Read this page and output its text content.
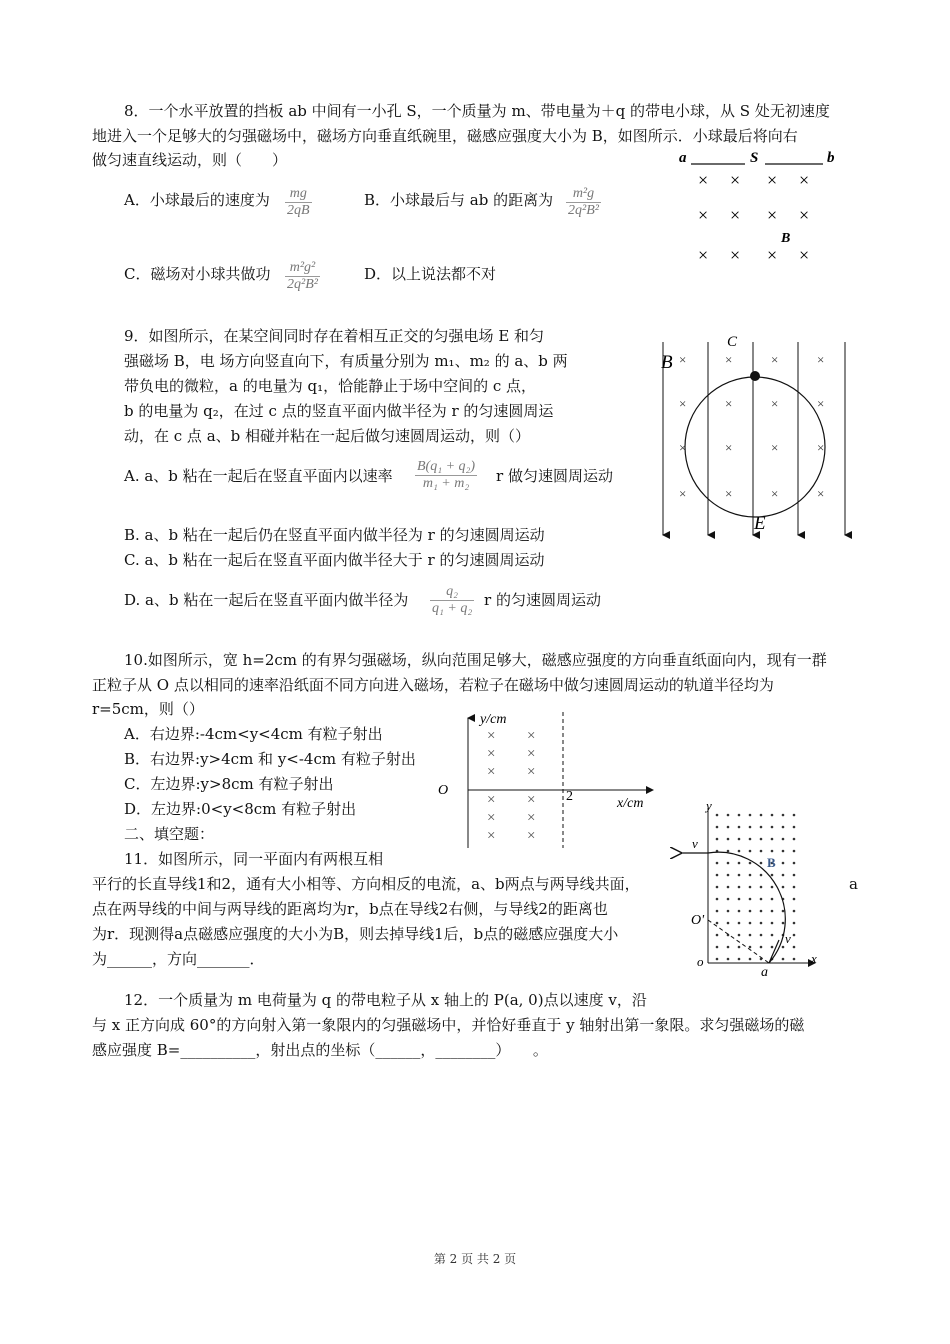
8．一个水平放置的挡板 ab 中间有一小孔 S，一个质量为 m、带电量为＋q 的带电小球，从 S 处无初速度
地进入一个足够大的匀强磁场中，磁场方向垂直纸碗里，磁感应强度大小为 B，如图所示．小球最后将向右
做匀速直线运动，则（　　）
A．小球最后的速度为 $\frac{mg}{2qB}$	B．小球最后与 ab 的距离为 $\frac{\text{m²g}}{\text{2q²B²}}$
C．磁场对小球共做功 $\frac{\text{m²g²}}{\text{2q²B²}}$	D．以上说法都不对
a	S	b
× × × ×
× × × ×
× × × ×
B
9．如图所示，在某空间同时存在着相互正交的匀强电场 E 和匀
强磁场 B，电 场方向竖直向下，有质量分别为 m₁、m₂ 的 a、b 两
带负电的微粒，a 的电量为 q₁，恰能静止于场中空间的 c 点，
b 的电量为 q₂，在过 c 点的竖直平面内做半径为 r 的匀速圆周运
动，在 c 点 a、b 相碰并粘在一起后做匀速圆周运动，则（）
A. a、b 粘在一起后在竖直平面内以速率 $\frac{\text{B(q₁ + q₂)}}{\text{m₁ + m₂}}$ r 做匀速圆周运动
B. a、b 粘在一起后仍在竖直平面内做半径为 r 的匀速圆周运动
C. a、b 粘在一起后在竖直平面内做半径大于 r 的匀速圆周运动
D. a、b 粘在一起后在竖直平面内做半径为 $\frac{\text{q₂}}{\text{q₁ + q₂}}$ r 的匀速圆周运动
C
B
E
×	×	×	×
×	×	×	×
×	×	×	×
×	×	×	×
10.如图所示，宽 h=2cm 的有界匀强磁场，纵向范围足够大，磁感应强度的方向垂直纸面向内，现有一群
正粒子从 O 点以相同的速率沿纸面不同方向进入磁场，若粒子在磁场中做匀速圆周运动的轨道半径均为
r=5cm，则（）
A．右边界:-4cm<y<4cm 有粒子射出
B．右边界:y>4cm 和 y<-4cm 有粒子射出
C．左边界:y>8cm 有粒子射出
D．左边界:0<y<8cm 有粒子射出
y/cm
x/cm
O	2
× ×
× ×
× ×
× ×
× ×
× ×
二、填空题：
11．如图所示，同一平面内有两根互相
平行的长直导线1和2，通有大小相等、方向相反的电流，a、b两点与两导线共面，	a
点在两导线的中间与两导线的距离均为r，b点在导线2右侧，与导线2的距离也
为r．现测得a点磁感应强度的大小为B，则去掉导线1后，b点的磁感应强度大小
为______，方向_______．
y
x
v
v
B
O'
o
a
12．一个质量为 m 电荷量为 q 的带电粒子从 x 轴上的 P(a, 0)点以速度 v，沿
与 x 正方向成 60°的方向射入第一象限内的匀强磁场中，并恰好垂直于 y 轴射出第一象限。求匀强磁场的磁
感应强度 B=__________，射出点的坐标（______，________）　　。
第 2 页 共 2 页
